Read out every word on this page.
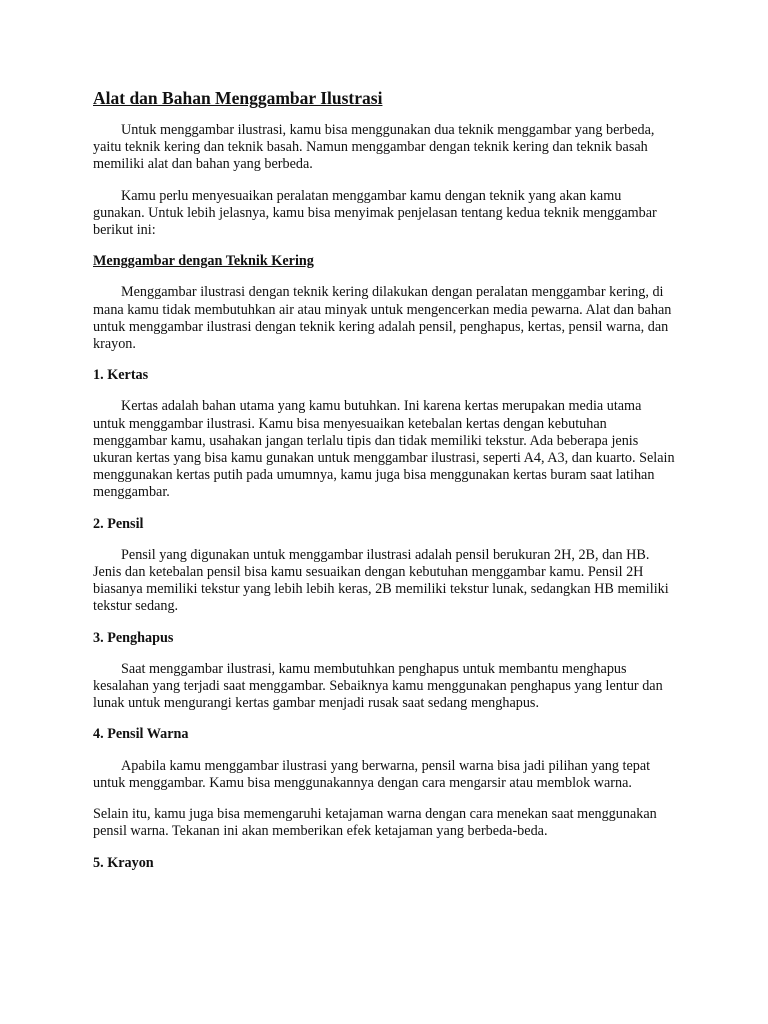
Alat dan Bahan Menggambar Ilustrasi

Untuk menggambar ilustrasi, kamu bisa menggunakan dua teknik menggambar yang berbeda, yaitu teknik kering dan teknik basah. Namun menggambar dengan teknik kering dan teknik basah memiliki alat dan bahan yang berbeda.

Kamu perlu menyesuaikan peralatan menggambar kamu dengan teknik yang akan kamu gunakan. Untuk lebih jelasnya, kamu bisa menyimak penjelasan tentang kedua teknik menggambar berikut ini:

Menggambar dengan Teknik Kering

Menggambar ilustrasi dengan teknik kering dilakukan dengan peralatan menggambar kering, di mana kamu tidak membutuhkan air atau minyak untuk mengencerkan media pewarna. Alat dan bahan untuk menggambar ilustrasi dengan teknik kering adalah pensil, penghapus, kertas, pensil warna, dan krayon.

1. Kertas

Kertas adalah bahan utama yang kamu butuhkan. Ini karena kertas merupakan media utama untuk menggambar ilustrasi. Kamu bisa menyesuaikan ketebalan kertas dengan kebutuhan menggambar kamu, usahakan jangan terlalu tipis dan tidak memiliki tekstur. Ada beberapa jenis ukuran kertas yang bisa kamu gunakan untuk menggambar ilustrasi, seperti A4, A3, dan kuarto. Selain menggunakan kertas putih pada umumnya, kamu juga bisa menggunakan kertas buram saat latihan menggambar.

2. Pensil

Pensil yang digunakan untuk menggambar ilustrasi adalah pensil berukuran 2H, 2B, dan HB. Jenis dan ketebalan pensil bisa kamu sesuaikan dengan kebutuhan menggambar kamu. Pensil 2H biasanya memiliki tekstur yang lebih lebih keras, 2B memiliki tekstur lunak, sedangkan HB memiliki tekstur sedang.

3. Penghapus

Saat menggambar ilustrasi, kamu membutuhkan penghapus untuk membantu menghapus kesalahan yang terjadi saat menggambar. Sebaiknya kamu menggunakan penghapus yang lentur dan lunak untuk mengurangi kertas gambar menjadi rusak saat sedang menghapus.

4. Pensil Warna

Apabila kamu menggambar ilustrasi yang berwarna, pensil warna bisa jadi pilihan yang tepat untuk menggambar. Kamu bisa menggunakannya dengan cara mengarsir atau memblok warna.

Selain itu, kamu juga bisa memengaruhi ketajaman warna dengan cara menekan saat menggunakan pensil warna. Tekanan ini akan memberikan efek ketajaman yang berbeda-beda.

5. Krayon
